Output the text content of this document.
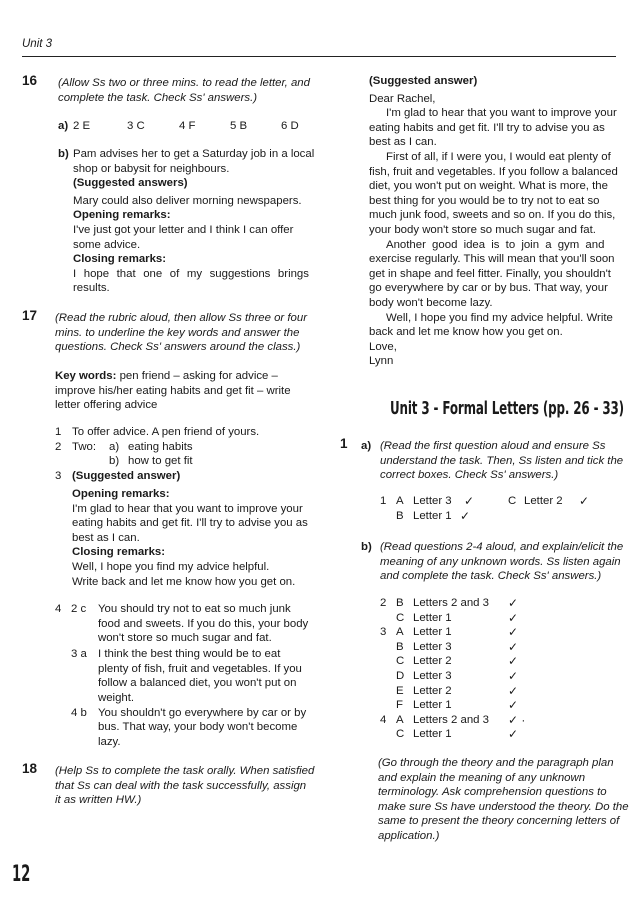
Unit 3
16 (Allow Ss two or three mins. to read the letter, and
complete the task. Check Ss' answers.)
a) 2 E	3 C	4 F	5 B	6 D
b) Pam advises her to get a Saturday job in a local
shop or babysit for neighbours.
(Suggested answers)
Mary could also deliver morning newspapers.
Opening remarks:
I've just got your letter and I think I can offer
some advice.
Closing remarks:
I hope that one of my suggestions brings
results.
17 (Read the rubric aloud, then allow Ss three or four
mins. to underline the key words and answer the
questions. Check Ss' answers around the class.)
Key words: pen friend – asking for advice –
improve his/her eating habits and get fit – write
letter offering advice
1 To offer advice. A pen friend of yours.
2 Two: a) eating habits
b) how to get fit
3 (Suggested answer)
Opening remarks:
I'm glad to hear that you want to improve your
eating habits and get fit. I'll try to advise you as
best as I can.
Closing remarks:
Well, I hope you find my advice helpful.
Write back and let me know how you get on.
4 2 c You should try not to eat so much junk
food and sweets. If you do this, your body
won't store so much sugar and fat.
3 a I think the best thing would be to eat
plenty of fish, fruit and vegetables. If you
follow a balanced diet, you won't put on
weight.
4 b You shouldn't go everywhere by car or by
bus. That way, your body won't become
lazy.
18 (Help Ss to complete the task orally. When satisfied
that Ss can deal with the task successfully, assign
it as written HW.)
(Suggested answer)
Dear Rachel,
I'm glad to hear that you want to improve your
eating habits and get fit. I'll try to advise you as
best as I can.
First of all, if I were you, I would eat plenty of
fish, fruit and vegetables. If you follow a balanced
diet, you won't put on weight. What is more, the
best thing for you would be to try not to eat so
much junk food, sweets and so on. If you do this,
your body won't store so much sugar and fat.
Another good idea is to join a gym and
exercise regularly. This will mean that you'll soon
get in shape and feel fitter. Finally, you shouldn't
go everywhere by car or by bus. That way, your
body won't become lazy.
Well, I hope you find my advice helpful. Write
back and let me know how you get on.
Love,
Lynn
Unit 3 - Formal Letters (pp. 26 - 33)
1 a) (Read the first question aloud and ensure Ss
understand the task. Then, Ss listen and tick the
correct boxes. Check Ss' answers.)
1 A Letter 3 ✓	C Letter 2 ✓
B Letter 1 ✓
b) (Read questions 2-4 aloud, and explain/elicit the
meaning of any unknown words. Ss listen again
and complete the task. Check Ss' answers.)
2 B Letters 2 and 3 ✓
C Letter 1	✓
3 A Letter 1	✓
B Letter 3	✓
C Letter 2	✓
D Letter 3	✓
E Letter 2	✓
F Letter 1	✓
4 A Letters 2 and 3 ✓ ·
C Letter 1	✓
(Go through the theory and the paragraph plan
and explain the meaning of any unknown
terminology. Ask comprehension questions to
make sure Ss have understood the theory. Do the
same to present the theory concerning letters of
application.)
12
